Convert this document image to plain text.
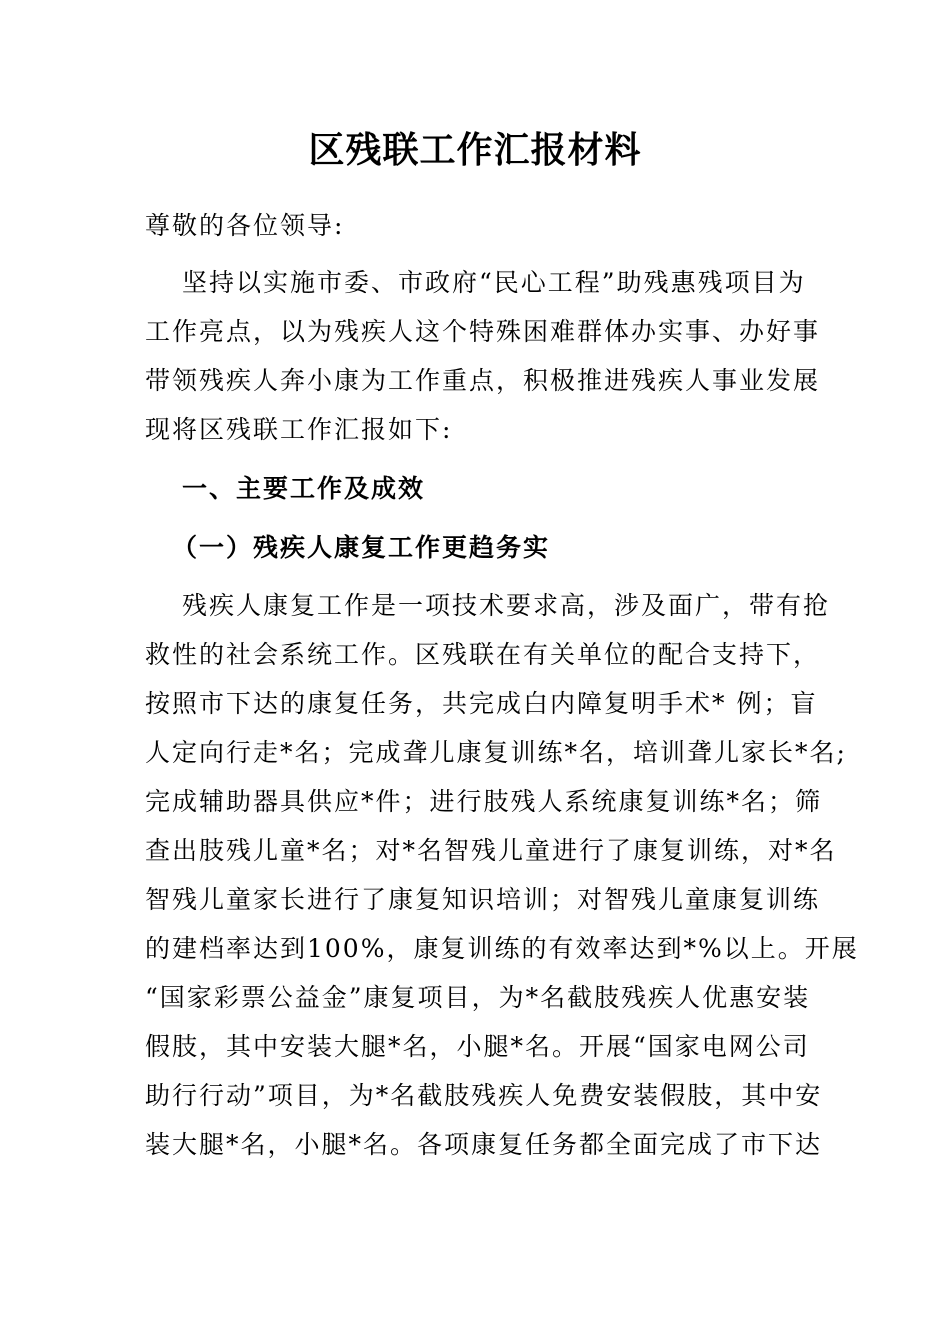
区残联工作汇报材料
尊敬的各位领导:
坚持以实施市委、市政府“民心工程”助残惠残项目为
工作亮点，以为残疾人这个特殊困难群体办实事、办好事
带领残疾人奔小康为工作重点，积极推进残疾人事业发展
现将区残联工作汇报如下:
一、主要工作及成效
（一）残疾人康复工作更趋务实
残疾人康复工作是一项技术要求高，涉及面广，带有抢
救性的社会系统工作。区残联在有关单位的配合支持下，
按照市下达的康复任务，共完成白内障复明手术* 例；盲
人定向行走*名；完成聋儿康复训练*名，培训聋儿家长*名;
完成辅助器具供应*件；进行肢残人系统康复训练*名；筛
查出肢残儿童*名；对*名智残儿童进行了康复训练，对*名
智残儿童家长进行了康复知识培训；对智残儿童康复训练
的建档率达到100%，康复训练的有效率达到*%以上。开展
“国家彩票公益金”康复项目，为*名截肢残疾人优惠安装
假肢，其中安装大腿*名，小腿*名。开展“国家电网公司
助行行动”项目，为*名截肢残疾人免费安装假肢，其中安
装大腿*名，小腿*名。各项康复任务都全面完成了市下达
